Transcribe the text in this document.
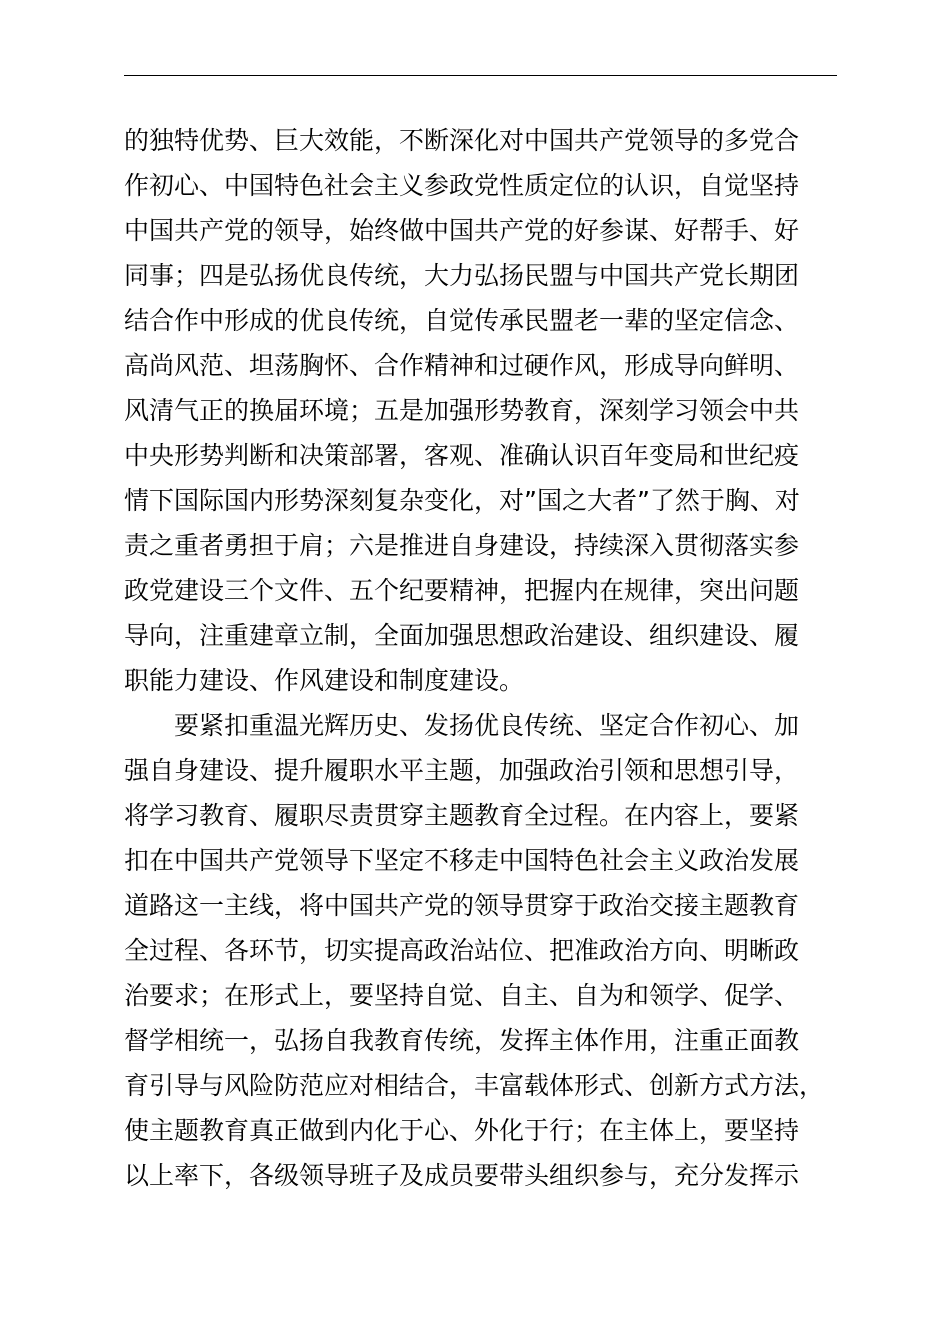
的独特优势、巨大效能，不断深化对中国共产党领导的多党合
作初心、中国特色社会主义参政党性质定位的认识，自觉坚持
中国共产党的领导，始终做中国共产党的好参谋、好帮手、好
同事；四是弘扬优良传统，大力弘扬民盟与中国共产党长期团
结合作中形成的优良传统，自觉传承民盟老一辈的坚定信念、
高尚风范、坦荡胸怀、合作精神和过硬作风，形成导向鲜明、
风清气正的换届环境；五是加强形势教育，深刻学习领会中共
中央形势判断和决策部署，客观、准确认识百年变局和世纪疫
情下国际国内形势深刻复杂变化，对”国之大者”了然于胸、对
责之重者勇担于肩；六是推进自身建设，持续深入贯彻落实参
政党建设三个文件、五个纪要精神，把握内在规律，突出问题
导向，注重建章立制，全面加强思想政治建设、组织建设、履
职能力建设、作风建设和制度建设。
要紧扣重温光辉历史、发扬优良传统、坚定合作初心、加
强自身建设、提升履职水平主题，加强政治引领和思想引导，
将学习教育、履职尽责贯穿主题教育全过程。在内容上，要紧
扣在中国共产党领导下坚定不移走中国特色社会主义政治发展
道路这一主线，将中国共产党的领导贯穿于政治交接主题教育
全过程、各环节，切实提高政治站位、把准政治方向、明晰政
治要求；在形式上，要坚持自觉、自主、自为和领学、促学、
督学相统一，弘扬自我教育传统，发挥主体作用，注重正面教
育引导与风险防范应对相结合，丰富载体形式、创新方式方法，
使主题教育真正做到内化于心、外化于行；在主体上，要坚持
以上率下，各级领导班子及成员要带头组织参与，充分发挥示
